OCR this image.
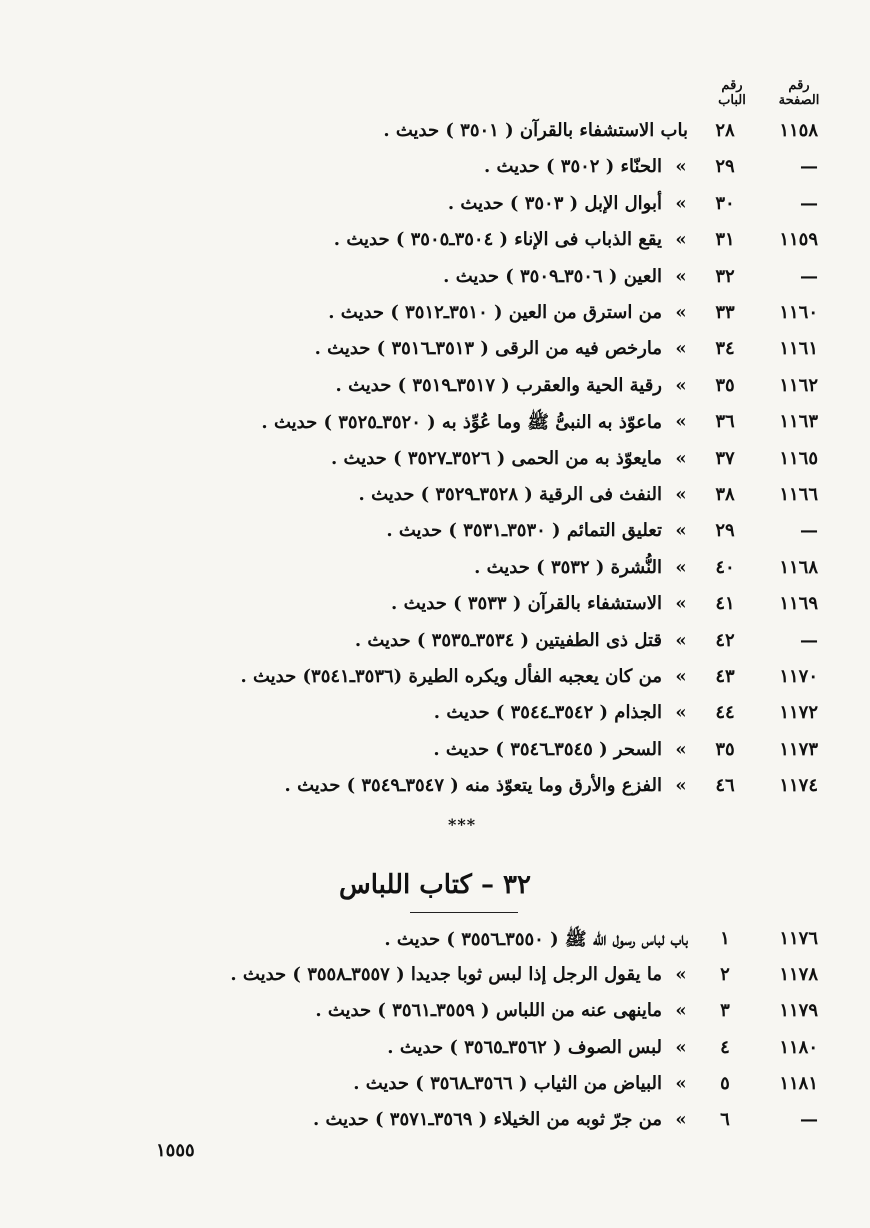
رقم الصفحة
رقم الباب
١١٥٨
٢٨
باب الاستشفاء بالقرآن ( ٣٥٠١ ) حديث .
—
٢٩
«
الحنّاء ( ٣٥٠٢ ) حديث .
—
٣٠
«
أبوال الإبل ( ٣٥٠٣ ) حديث .
١١٥٩
٣١
«
يقع الذباب فى الإناء ( ٣٥٠٤ـ٣٥٠٥ ) حديث .
—
٣٢
«
العين ( ٣٥٠٦ـ٣٥٠٩ ) حديث .
١١٦٠
٣٣
«
من استرق من العين ( ٣٥١٠ـ٣٥١٢ ) حديث .
١١٦١
٣٤
«
مارخص فيه من الرقى ( ٣٥١٣ـ٣٥١٦ ) حديث .
١١٦٢
٣٥
«
رقية الحية والعقرب ( ٣٥١٧ـ٣٥١٩ ) حديث .
١١٦٣
٣٦
«
ماعوّذ به النبىُّ ﷺ وما عُوِّذ به ( ٣٥٢٠ـ٣٥٢٥ ) حديث .
١١٦٥
٣٧
«
مايعوّذ به من الحمى ( ٣٥٢٦ـ٣٥٢٧ ) حديث .
١١٦٦
٣٨
«
النفث فى الرقية ( ٣٥٢٨ـ٣٥٢٩ ) حديث .
—
٢٩
«
تعليق التمائم ( ٣٥٣٠ـ٣٥٣١ ) حديث .
١١٦٨
٤٠
«
النُّشرة ( ٣٥٣٢ ) حديث .
١١٦٩
٤١
«
الاستشفاء بالقرآن ( ٣٥٣٣ ) حديث .
—
٤٢
«
قتل ذى الطفيتين ( ٣٥٣٤ـ٣٥٣٥ ) حديث .
١١٧٠
٤٣
«
من كان يعجبه الفأل ويكره الطيرة (٣٥٣٦ـ٣٥٤١) حديث .
١١٧٢
٤٤
«
الجذام ( ٣٥٤٢ـ٣٥٤٤ ) حديث .
١١٧٣
٣٥
«
السحر ( ٣٥٤٥ـ٣٥٤٦ ) حديث .
١١٧٤
٤٦
«
الفزع والأرق وما يتعوّذ منه ( ٣٥٤٧ـ٣٥٤٩ ) حديث .
***
٣٢ – كتاب اللباس
١١٧٦
١
باب لباس رسول الله ﷺ ( ٣٥٥٠ـ٣٥٥٦ ) حديث .
١١٧٨
٢
«
ما يقول الرجل إذا لبس ثوبا جديدا ( ٣٥٥٧ـ٣٥٥٨ ) حديث .
١١٧٩
٣
«
ماينهى عنه من اللباس ( ٣٥٥٩ـ٣٥٦١ ) حديث .
١١٨٠
٤
«
لبس الصوف ( ٣٥٦٢ـ٣٥٦٥ ) حديث .
١١٨١
٥
«
البياض من الثياب ( ٣٥٦٦ـ٣٥٦٨ ) حديث .
—
٦
«
من جرّ ثوبه من الخيلاء ( ٣٥٦٩ـ٣٥٧١ ) حديث .
١٥٥٥
